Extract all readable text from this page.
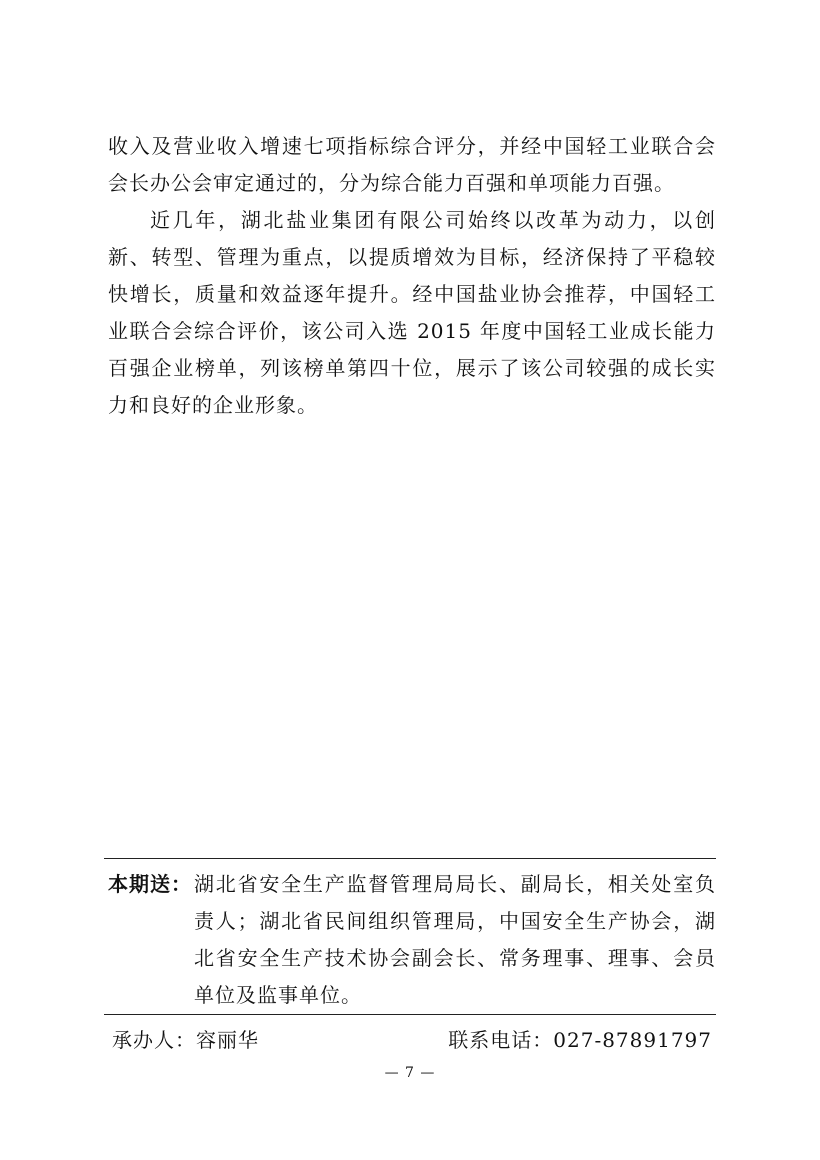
收入及营业收入增速七项指标综合评分，并经中国轻工业联合会会长办公会审定通过的，分为综合能力百强和单项能力百强。

近几年，湖北盐业集团有限公司始终以改革为动力，以创新、转型、管理为重点，以提质增效为目标，经济保持了平稳较快增长，质量和效益逐年提升。经中国盐业协会推荐，中国轻工业联合会综合评价，该公司入选 2015 年度中国轻工业成长能力百强企业榜单，列该榜单第四十位，展示了该公司较强的成长实力和良好的企业形象。

本期送： 湖北省安全生产监督管理局局长、副局长，相关处室负责人；湖北省民间组织管理局，中国安全生产协会，湖北省安全生产技术协会副会长、常务理事、理事、会员单位及监事单位。

承办人：容丽华	联系电话：027-87891797
— 7 —
